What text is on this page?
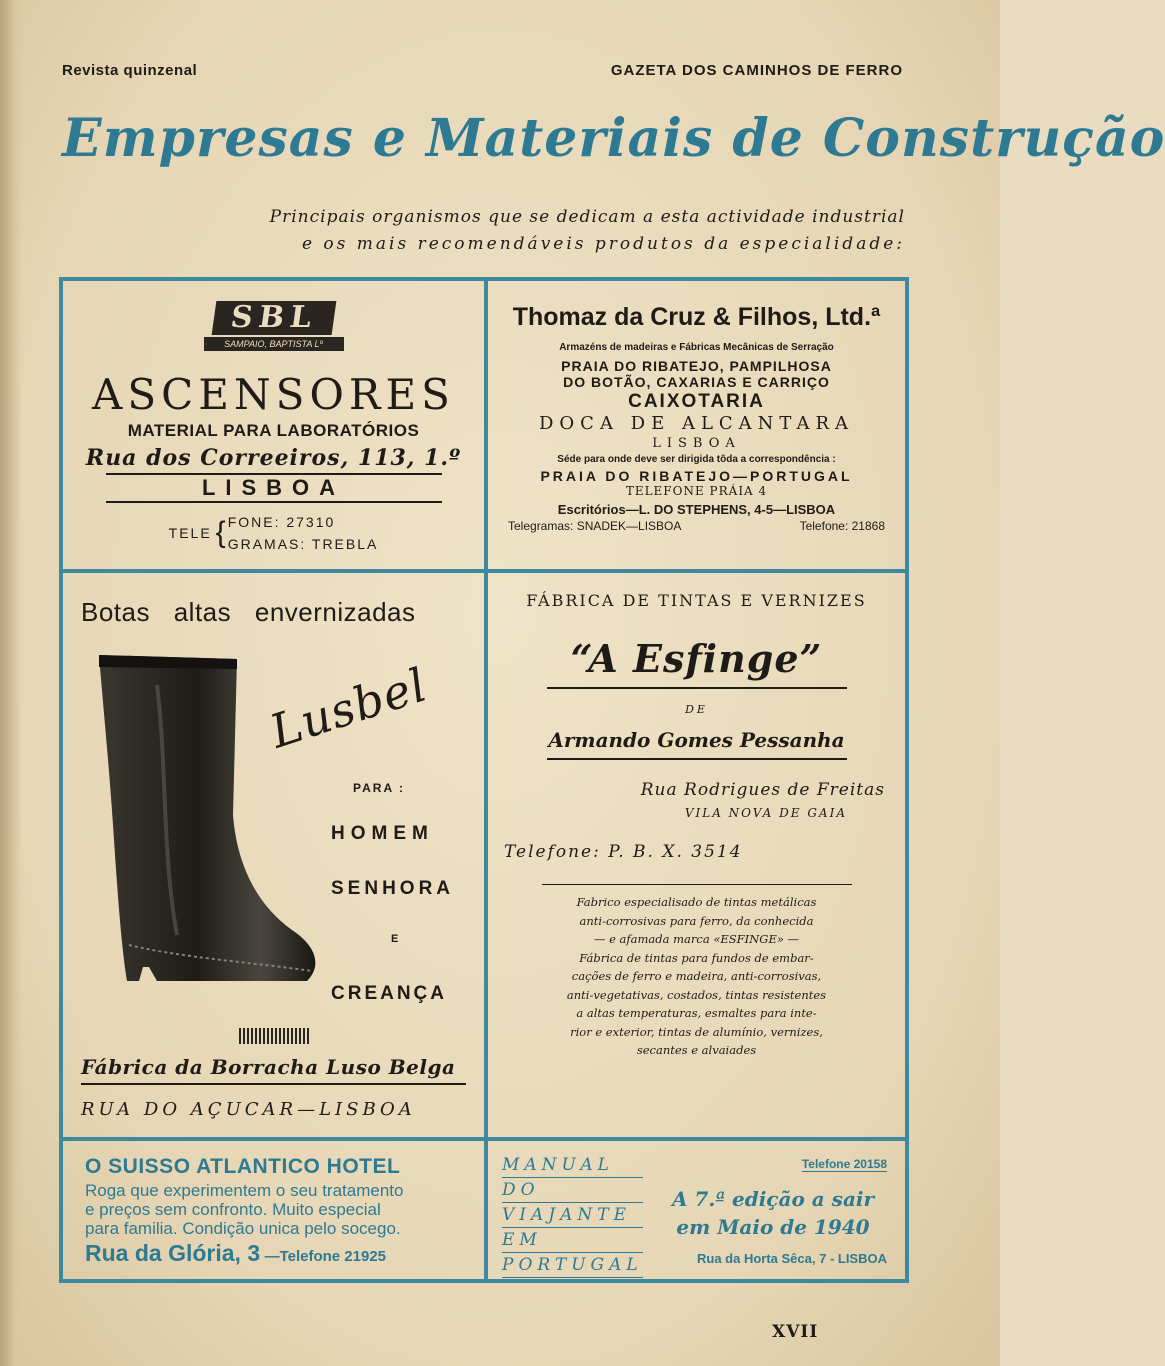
Revista quinzenal	GAZETA DOS CAMINHOS DE FERRO
Empresas e Materiais de Construção
Principais organismos que se dedicam a esta actividade industrial
e os mais recomendáveis produtos da especialidade:
SBL
SAMPAIO, BAPTISTA Lº
ASCENSORES
MATERIAL PARA LABORATÓRIOS
Rua dos Correeiros, 113, 1.º
LISBOA
TELE { FONE: 27310
GRAMAS: TREBLA
Thomaz da Cruz & Filhos, Ltd.ª
Armazéns de madeiras e Fábricas Mecânicas de Serração
PRAIA DO RIBATEJO, PAMPILHOSA
DO BOTÃO, CAXARIAS E CARRIÇO
CAIXOTARIA
DOCA DE ALCANTARA
LISBOA
Séde para onde deve ser dirigida tôda a correspondência :
PRAIA DO RIBATEJO—PORTUGAL
TELEFONE PRÁIA 4
Escritórios—L. DO STEPHENS, 4-5—LISBOA
Telegramas: SNADEK—LISBOA	Telefone: 21868
Botas altas envernizadas
Lusbel
PARA :
HOMEM
SENHORA
E
CREANÇA
Fábrica da Borracha Luso Belga
RUA DO AÇUCAR—LISBOA
FÁBRICA DE TINTAS E VERNIZES
“A Esfinge”
DE
Armando Gomes Pessanha
Rua Rodrigues de Freitas
VILA NOVA DE GAIA
Telefone: P. B. X. 3514
Fabrico especialisado de tintas metálicas
anti-corrosivas para ferro, da conhecida
— e afamada marca «ESFINGE» —
Fábrica de tintas para fundos de embar-
cações de ferro e madeira, anti-corrosivas,
anti-vegetativas, costados, tintas resistentes
a altas temperaturas, esmaltes para inte-
rior e exterior, tintas de alumínio, vernizes,
secantes e alvaiades
O SUISSO ATLANTICO HOTEL
Roga que experimentem o seu tratamento
e preços sem confronto. Muito especial
para familia. Condição unica pelo socego.
Rua da Glória, 3 —Telefone 21925
MANUAL
DO
VIAJANTE
EM
PORTUGAL
Telefone 20158
A 7.ª edição a sair
em Maio de 1940
Rua da Horta Sêca, 7 - LISBOA
XVII
